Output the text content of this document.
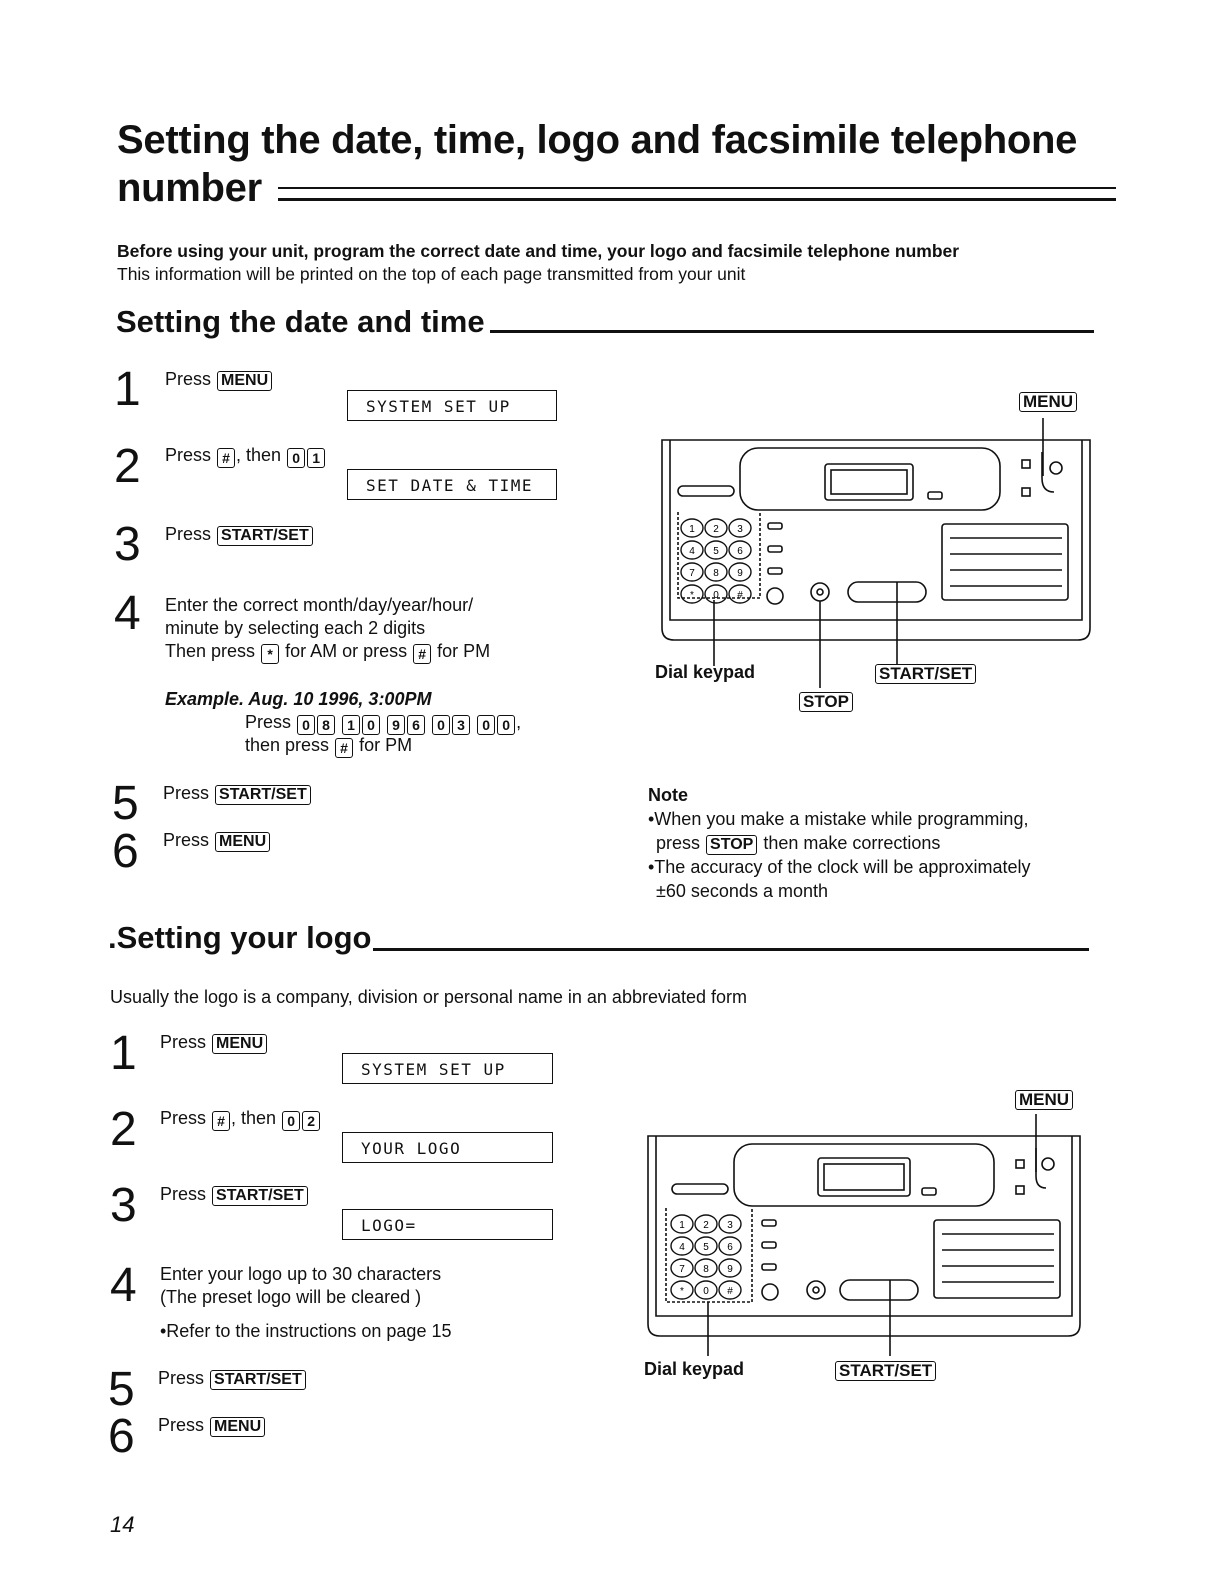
Setting the date, time, logo and facsimile telephone
number
Before using your unit, program the correct date and time, your logo and facsimile telephone number
This information will be printed on the top of each page transmitted from your unit
Setting the date and time
1 Press MENU
SYSTEM SET UP
2 Press # , then 0 1
SET DATE & TIME
3 Press START/SET
4 Enter the correct month/day/year/hour/
minute by selecting each 2 digits
Then press * for AM or press # for PM
Example. Aug. 10 1996, 3:00PM
Press 0 8 1 0 9 6 0 3 0 0 ,
then press # for PM
5 Press START/SET
6 Press MENU
1 2 3
4 5 6
7 8 9
* 0 #
MENU
Dial keypad	START/SET
STOP
Note
•When you make a mistake while programming,
press STOP then make corrections
•The accuracy of the clock will be approximately
±60 seconds a month
.Setting your logo
Usually the logo is a company, division or personal name in an abbreviated form
1 Press MENU
SYSTEM SET UP
2 Press # , then 0 2
YOUR LOGO
3 Press START/SET
LOGO=
4 Enter your logo up to 30 characters
(The preset logo will be cleared )
•Refer to the instructions on page 15
5 Press START/SET
6 Press MENU
1 2 3
4 5 6
7 8 9
* 0 #
MENU
Dial keypad	START/SET
14
